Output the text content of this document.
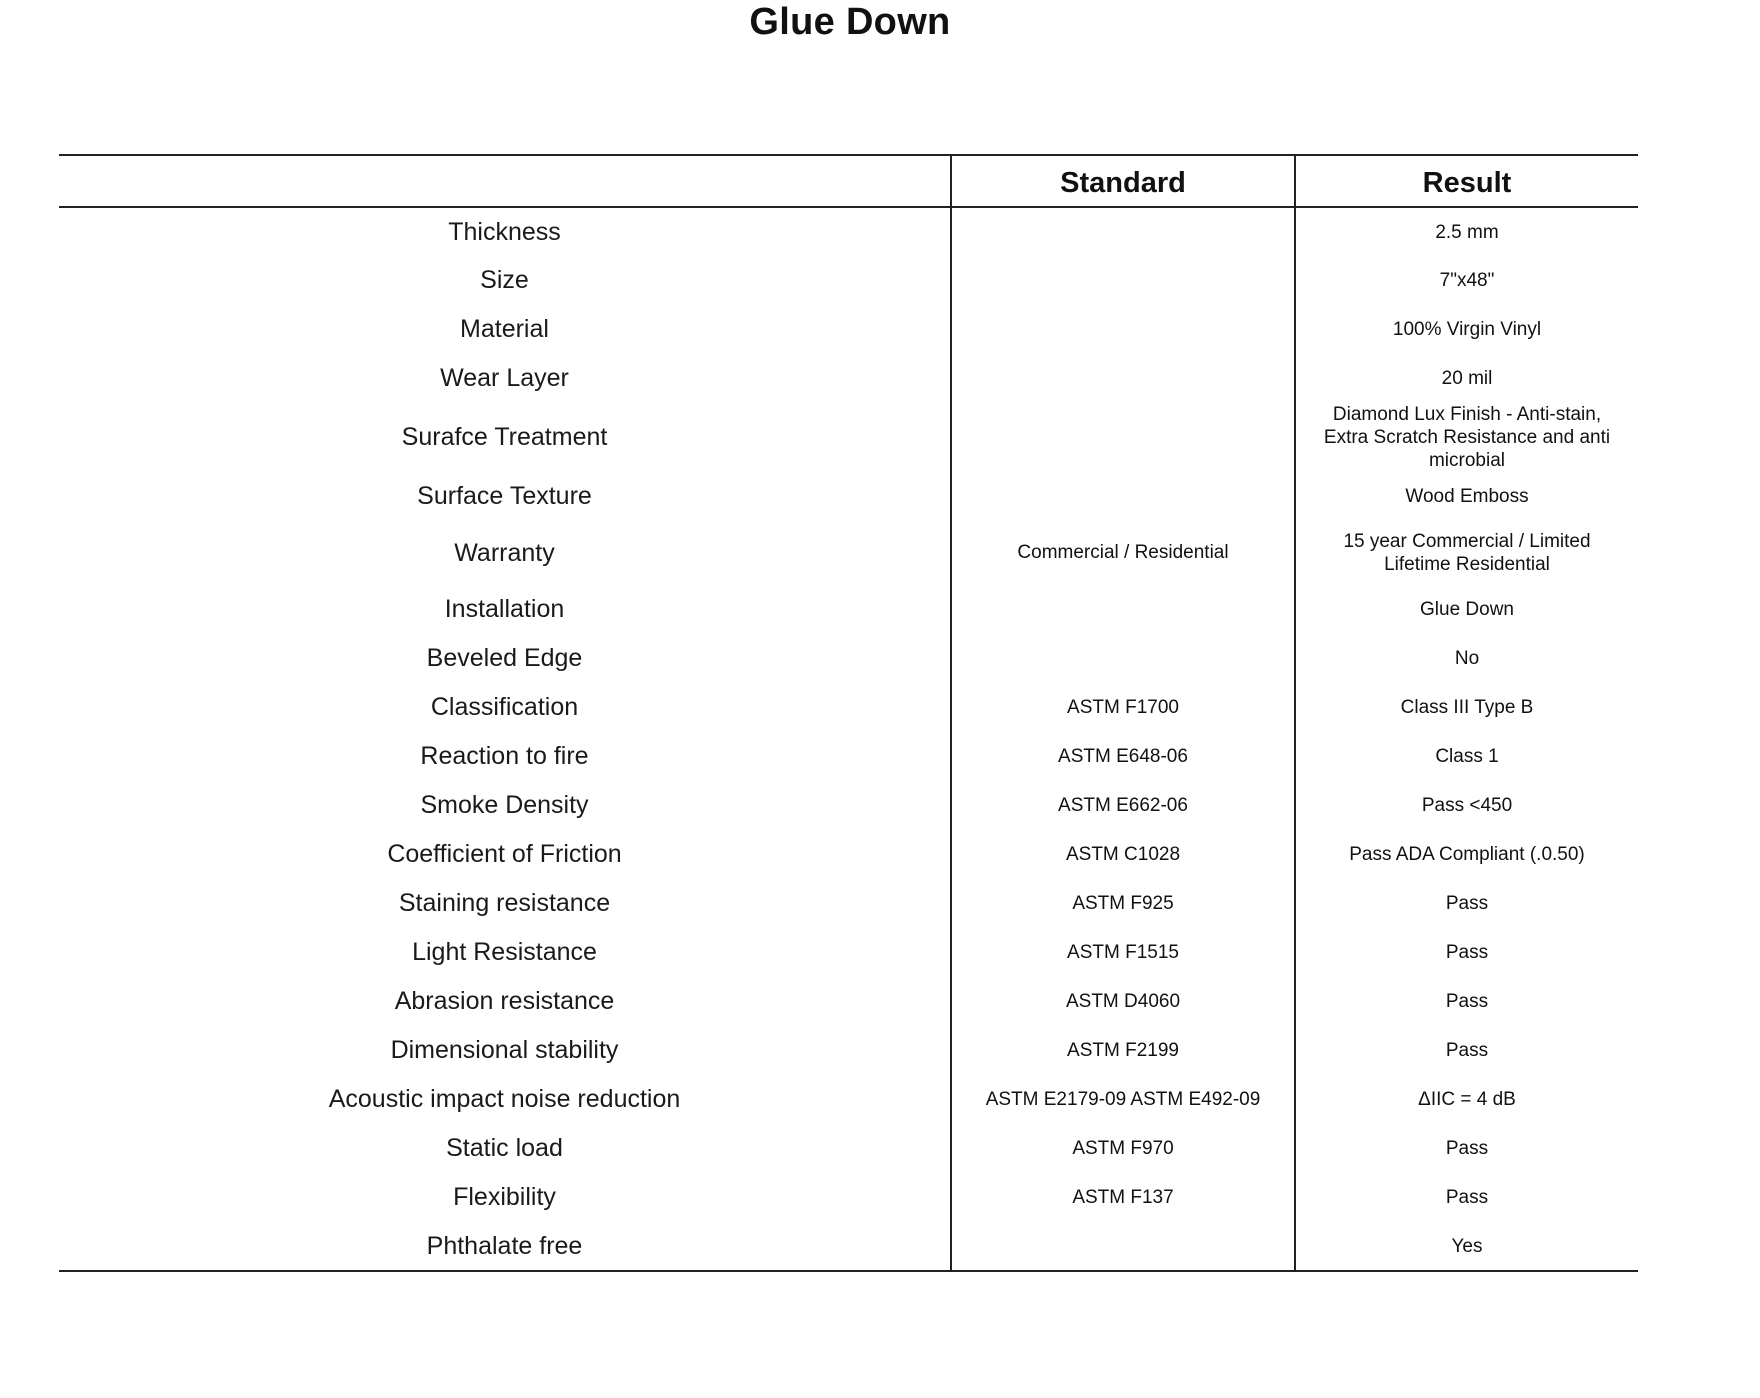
Glue Down
	Standard	Result
Thickness		2.5 mm
Size		7"x48"
Material		100% Virgin Vinyl
Wear Layer		20 mil
Surafce Treatment		Diamond Lux Finish - Anti-stain, Extra Scratch Resistance and anti microbial
Surface Texture		Wood Emboss
Warranty	Commercial / Residential	15 year Commercial / Limited Lifetime Residential
Installation		Glue Down
Beveled Edge		No
Classification	ASTM F1700	Class III Type B
Reaction to fire	ASTM E648-06	Class 1
Smoke Density	ASTM E662-06	Pass <450
Coefficient of Friction	ASTM C1028	Pass ADA Compliant (.0.50)
Staining resistance	ASTM F925	Pass
Light Resistance	ASTM F1515	Pass
Abrasion resistance	ASTM D4060	Pass
Dimensional stability	ASTM F2199	Pass
Acoustic impact noise reduction	ASTM E2179-09 ASTM E492-09	ΔIIC = 4 dB
Static load	ASTM F970	Pass
Flexibility	ASTM F137	Pass
Phthalate free		Yes
